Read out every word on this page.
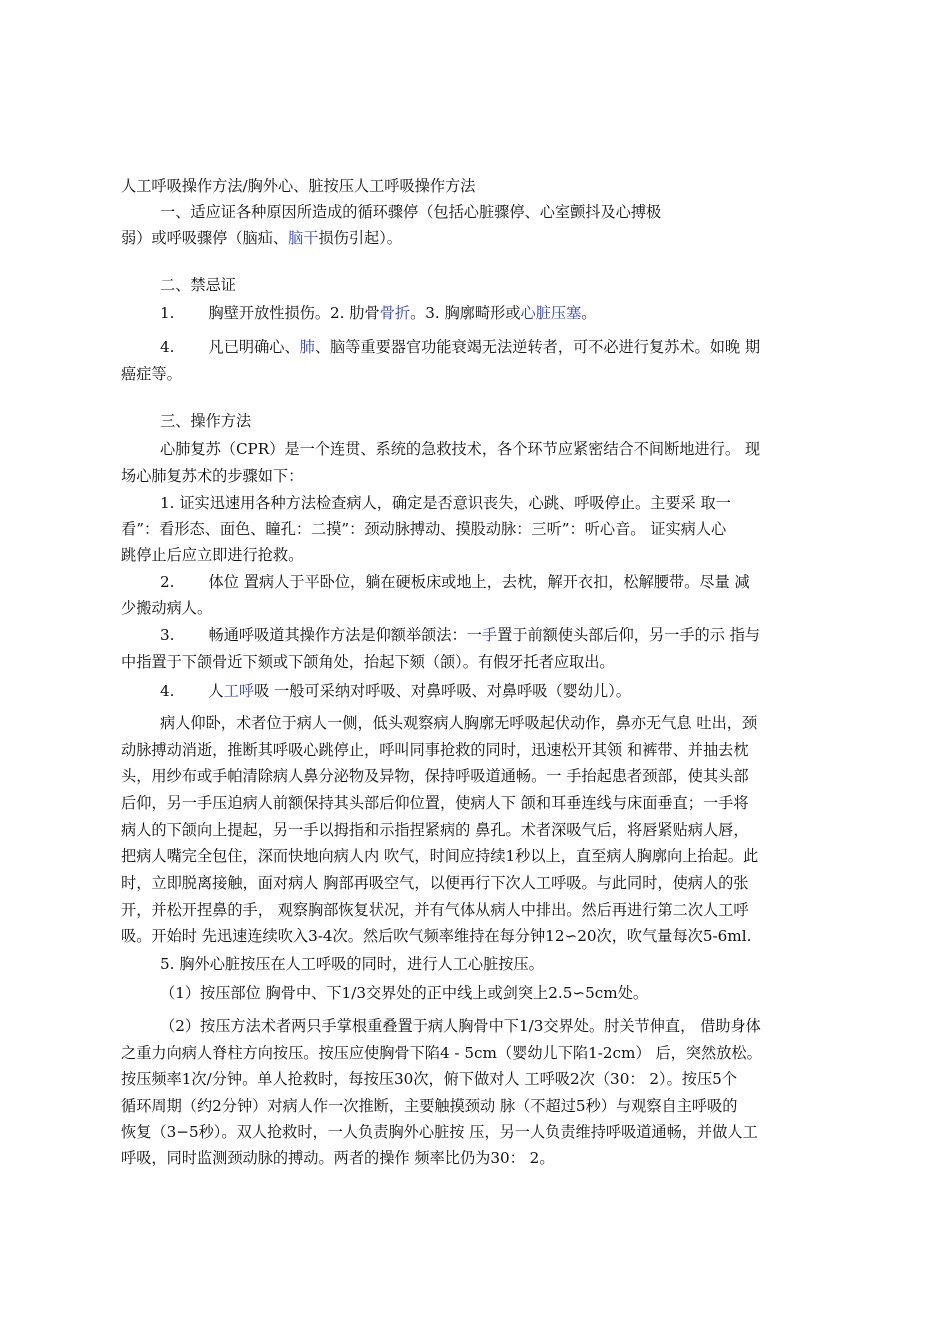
人工呼吸操作方法/胸外心、脏按压人工呼吸操作方法
一、适应证各种原因所造成的循环骤停（包括心脏骤停、心室颤抖及心搏极
弱）或呼吸骤停（脑疝、脑干损伤引起）。
二、禁忌证
1. 胸壁开放性损伤。2. 肋骨骨折。3. 胸廓畸形或心脏压塞。
4. 凡已明确心、肺、脑等重要器官功能衰竭无法逆转者，可不必进行复苏术。如晚 期
癌症等。
三、操作方法
心肺复苏（CPR）是一个连贯、系统的急救技术，各个环节应紧密结合不间断地进行。 现
场心肺复苏术的步骤如下：
1. 证实迅速用各种方法检查病人，确定是否意识丧失，心跳、呼吸停止。主要采 取一
看”：看形态、面色、瞳孔：二摸”：颈动脉搏动、摸股动脉：三听”：听心音。 证实病人心
跳停止后应立即进行抢救。
2. 体位 置病人于平卧位，躺在硬板床或地上，去枕，解开衣扣，松解腰带。尽量 减
少搬动病人。
3. 畅通呼吸道其操作方法是仰额举颌法：一手置于前额使头部后仰，另一手的示 指与
中指置于下颌骨近下颏或下颌角处，抬起下颏（颌）。有假牙托者应取出。
4. 人工呼吸 一般可采纳对呼吸、对鼻呼吸、对鼻呼吸（婴幼儿）。
病人仰卧，术者位于病人一侧，低头观察病人胸廓无呼吸起伏动作，鼻亦无气息 吐出，颈
动脉搏动消逝，推断其呼吸心跳停止，呼叫同事抢救的同时，迅速松开其领 和裤带、并抽去枕
头，用纱布或手帕清除病人鼻分泌物及异物，保持呼吸道通畅。一 手抬起患者颈部，使其头部
后仰，另一手压迫病人前额保持其头部后仰位置，使病人下 颌和耳垂连线与床面垂直；一手将
病人的下颌向上提起，另一手以拇指和示指捏紧病的 鼻孔。术者深吸气后，将唇紧贴病人唇，
把病人嘴完全包住，深而快地向病人内 吹气，时间应持续1秒以上，直至病人胸廓向上抬起。此
时，立即脱离接触，面对病人 胸部再吸空气，以便再行下次人工呼吸。与此同时，使病人的张
开，并松开捏鼻的手， 观察胸部恢复状况，并有气体从病人中排出。然后再进行第二次人工呼
吸。开始时 先迅速连续吹入3-4次。然后吹气频率维持在每分钟12∽20次，吹气量每次5-6ml.
5. 胸外心脏按压在人工呼吸的同时，进行人工心脏按压。
（1）按压部位 胸骨中、下1/3交界处的正中线上或剑突上2.5∽5cm处。
（2）按压方法术者两只手掌根重叠置于病人胸骨中下1/3交界处。肘关节伸直， 借助身体
之重力向病人脊柱方向按压。按压应使胸骨下陷4 - 5cm（婴幼儿下陷1-2cm） 后，突然放松。
按压频率1次/分钟。单人抢救时，每按压30次，俯下做对人 工呼吸2次（30： 2）。按压5个
循环周期（约2分钟）对病人作一次推断，主要触摸颈动 脉（不超过5秒）与观察自主呼吸的
恢复（3−5秒）。双人抢救时，一人负责胸外心脏按 压，另一人负责维持呼吸道通畅，并做人工
呼吸，同时监测颈动脉的搏动。两者的操作 频率比仍为30： 2。
